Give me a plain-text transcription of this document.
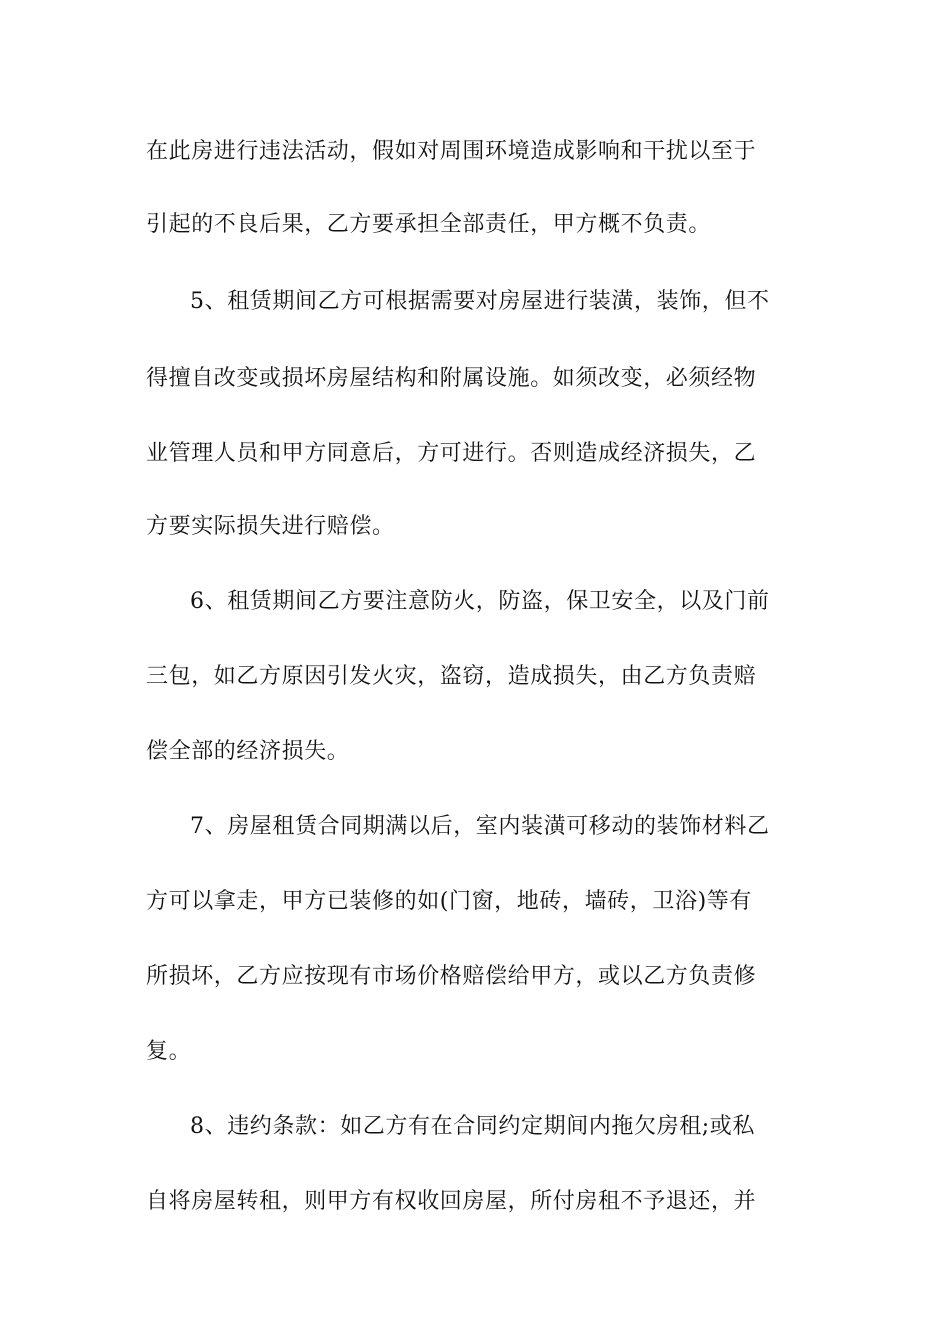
在此房进行违法活动，假如对周围环境造成影响和干扰以至于
引起的不良后果，乙方要承担全部责任，甲方概不负责。
5、租赁期间乙方可根据需要对房屋进行装潢，装饰，但不
得擅自改变或损坏房屋结构和附属设施。如须改变，必须经物
业管理人员和甲方同意后，方可进行。否则造成经济损失，乙
方要实际损失进行赔偿。
6、租赁期间乙方要注意防火，防盗，保卫安全，以及门前
三包，如乙方原因引发火灾，盗窃，造成损失，由乙方负责赔
偿全部的经济损失。
7、房屋租赁合同期满以后，室内装潢可移动的装饰材料乙
方可以拿走，甲方已装修的如(门窗，地砖，墙砖，卫浴)等有
所损坏，乙方应按现有市场价格赔偿给甲方，或以乙方负责修
复。
8、违约条款：如乙方有在合同约定期间内拖欠房租;或私
自将房屋转租，则甲方有权收回房屋，所付房租不予退还，并
